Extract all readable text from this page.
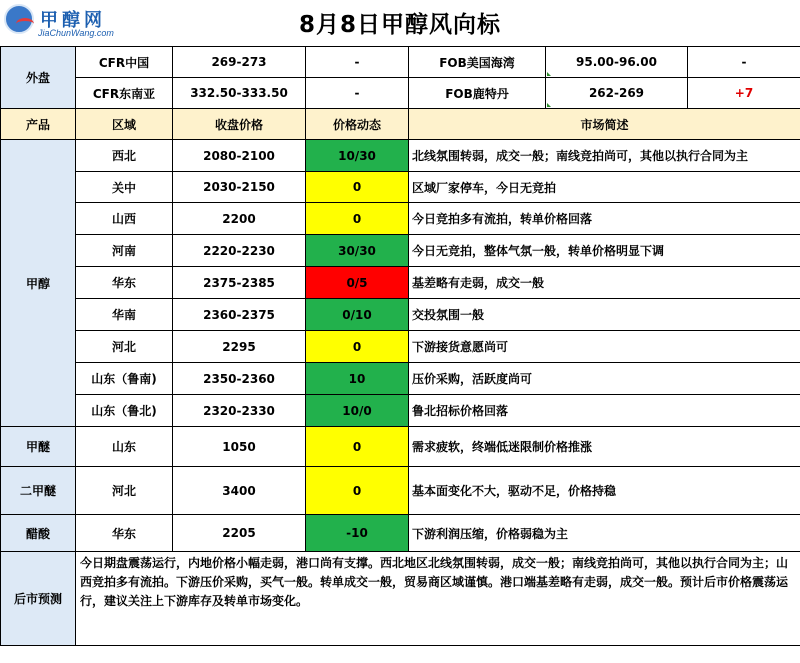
甲醇网
JiaChunWang.com	8月8日甲醇风向标
外盘	CFR中国	269-273	-	FOB美国海湾	95.00-96.00	-
	CFR东南亚	332.50-333.50	-	FOB鹿特丹	262-269	+7
产品	区域	收盘价格	价格动态	市场简述		
甲醇	西北	2080-2100	10/30	北线氛围转弱，成交一般；南线竞拍尚可，其他以执行合同为主		
	关中	2030-2150	0	区域厂家停车，今日无竞拍		
	山西	2200	0	今日竞拍多有流拍，转单价格回落		
	河南	2220-2230	30/30	今日无竞拍，整体气氛一般，转单价格明显下调		
	华东	2375-2385	0/5	基差略有走弱，成交一般		
	华南	2360-2375	0/10	交投氛围一般		
	河北	2295	0	下游接货意愿尚可		
	山东（鲁南)	2350-2360	10	压价采购，活跃度尚可		
	山东（鲁北)	2320-2330	10/0	鲁北招标价格回落		
甲醚	山东	1050	0	需求疲软，终端低迷限制价格推涨		
二甲醚	河北	3400	0	基本面变化不大，驱动不足，价格持稳		
醋酸	华东	2205	-10	下游利润压缩，价格弱稳为主		
后市预测	今日期盘震荡运行，内地价格小幅走弱，港口尚有支撑。西北地区北线氛围转弱，成交一般；南线竞拍尚可，其他以执行合同为主；山西竞拍多有流拍。下游压价采购，买气一般。转单成交一般，贸易商区域谨慎。港口端基差略有走弱，成交一般。预计后市价格震荡运行，建议关注上下游库存及转单市场变化。					
